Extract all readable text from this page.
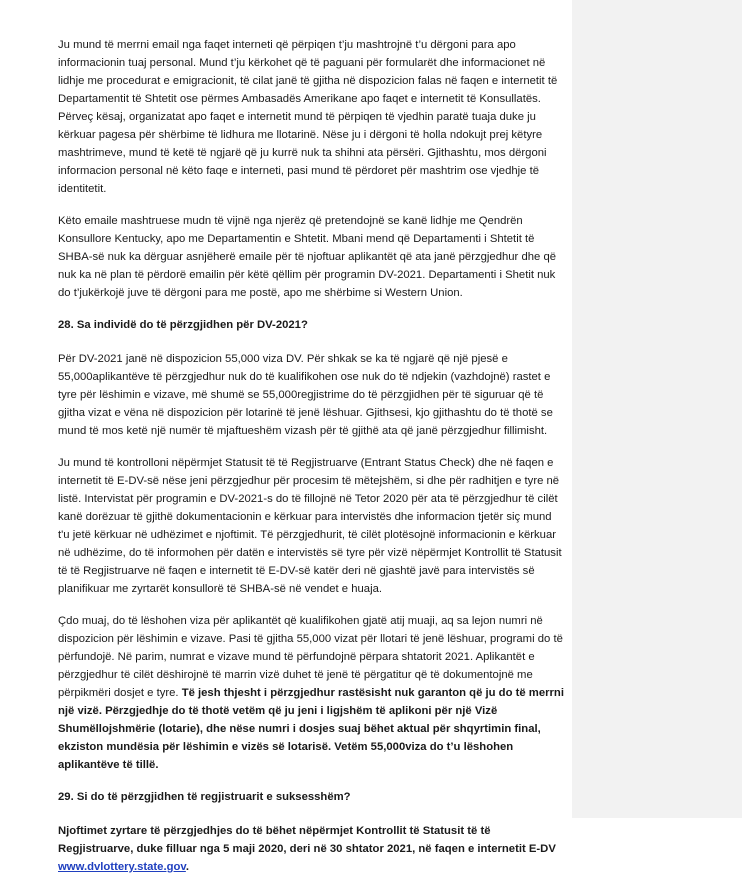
Ju mund të merrni email nga faqet interneti që përpiqen t’ju mashtrojnë t’u dërgoni para apo informacionin tuaj personal. Mund t’ju kërkohet që të paguani për formularët dhe informacionet në lidhje me procedurat e emigracionit, të cilat janë të gjitha në dispozicion falas në faqen e internetit të Departamentit të Shtetit ose përmes Ambasadës Amerikane apo faqet e internetit të Konsullatës. Përveç kësaj, organizatat apo faqet e internetit mund të përpiqen të vjedhin paratë tuaja duke ju kërkuar pagesa për shërbime të lidhura me llotarinë. Nëse ju i dërgoni të holla ndokujt prej këtyre mashtrimeve, mund të ketë të ngjarë që ju kurrë nuk ta shihni ata përsëri. Gjithashtu, mos dërgoni informacion personal në këto faqe e interneti, pasi mund të përdoret për mashtrim ose vjedhje të identitetit.

Këto emaile mashtruese mudn të vijnë nga njerëz që pretendojnë se kanë lidhje me Qendrën Konsullore Kentucky, apo me Departamentin e Shtetit. Mbani mend që Departamenti i Shtetit të SHBA-së nuk ka dërguar asnjëherë emaile për të njoftuar aplikantët që ata janë përzgjedhur dhe që nuk ka në plan të përdorë emailin për këtë qëllim për programin DV-2021. Departamenti i Shetit nuk do t’jukërkojë juve të dërgoni para me postë, apo me shërbime si Western Union.

28. Sa individë do të përzgjidhen për DV-2021?

Për DV-2021 janë në dispozicion 55,000 viza DV. Për shkak se ka të ngjarë që një pjesë e 55,000aplikantëve të përzgjedhur nuk do të kualifikohen ose nuk do të ndjekin (vazhdojnë) rastet e tyre për lëshimin e vizave, më shumë se 55,000regjistrime do të përzgjidhen për të siguruar që të gjitha vizat e vëna në dispozicion për lotarinë të jenë lëshuar. Gjithsesi, kjo gjithashtu do të thotë se mund të mos ketë një numër të mjaftueshëm vizash për të gjithë ata që janë përzgjedhur fillimisht.

Ju mund të kontrolloni nëpërmjet Statusit të të Regjistruarve (Entrant Status Check) dhe në faqen e internetit të E-DV-së nëse jeni përzgjedhur për procesim të mëtejshëm, si dhe për radhitjen e tyre në listë. Intervistat për programin e DV-2021-s do të fillojnë në Tetor 2020 për ata të përzgjedhur të cilët kanë dorëzuar të gjithë dokumentacionin e kërkuar para intervistës dhe informacion tjetër siç mund t'u jetë kërkuar në udhëzimet e njoftimit. Të përzgjedhurit, të cilët plotësojnë informacionin e kërkuar në udhëzime, do të informohen për datën e intervistës së tyre për vizë nëpërmjet Kontrollit të Statusit të të Regjistruarve në faqen e internetit të E-DV-së katër deri në gjashtë javë para intervistës së planifikuar me zyrtarët konsullorë të SHBA-së në vendet e huaja.

Çdo muaj, do të lëshohen viza për aplikantët që kualifikohen gjatë atij muaji, aq sa lejon numri në dispozicion për lëshimin e vizave. Pasi të gjitha 55,000 vizat për llotari të jenë lëshuar, programi do të përfundojë. Në parim, numrat e vizave mund të përfundojnë përpara shtatorit 2021. Aplikantët e përzgjedhur të cilët dëshirojnë të marrin vizë duhet të jenë të përgatitur që të dokumentojnë me përpikmëri dosjet e tyre. Të jesh thjesht i përzgjedhur rastësisht nuk garanton që ju do të merrni një vizë. Përzgjedhje do të thotë vetëm që ju jeni i ligjshëm të aplikoni për një Vizë Shumëllojshmërie (lotarie), dhe nëse numri i dosjes suaj bëhet aktual për shqyrtimin final, ekziston mundësia për lëshimin e vizës së lotarisë. Vetëm 55,000viza do t’u lëshohen aplikantëve të tillë.

29. Si do të përzgjidhen të regjistruarit e suksesshëm?

Njoftimet zyrtare të përzgjedhjes do të bëhet nëpërmjet Kontrollit të Statusit të të Regjistruarve, duke filluar nga 5 maji 2020, deri në 30 shtator 2021, në faqen e internetit E-DV www.dvlottery.state.gov.
